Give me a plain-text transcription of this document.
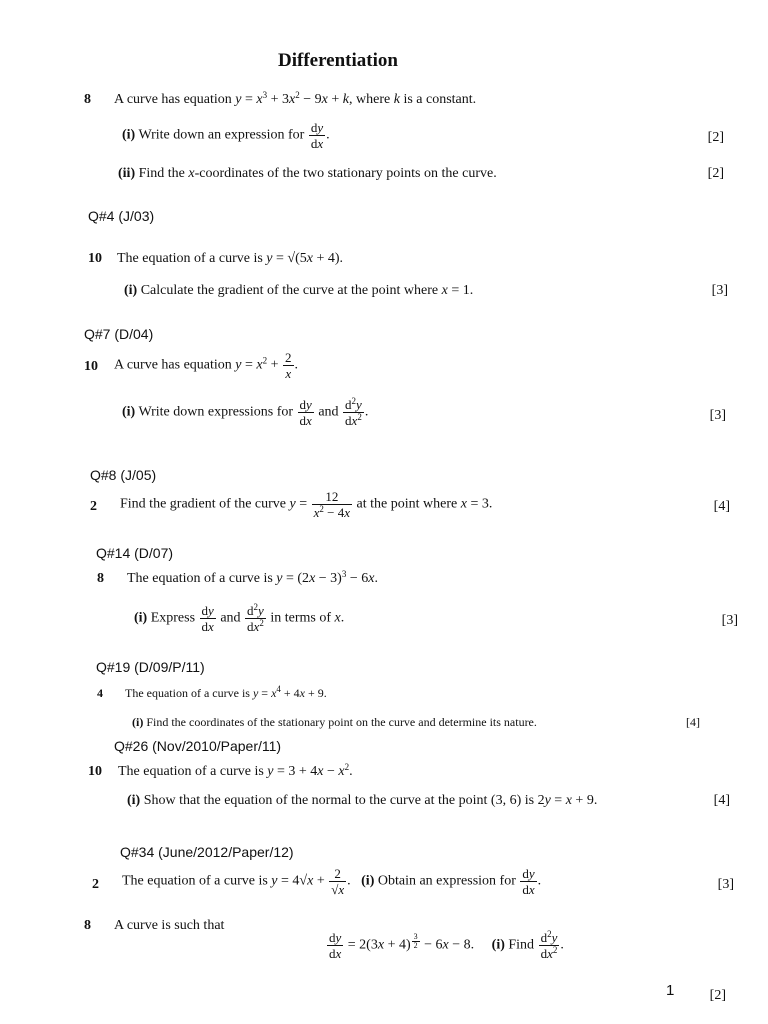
Differentiation
8 A curve has equation $y = x^3 + 3x^2 - 9x + k$, where k is a constant.
(i) Write down an expression for $\frac{dy}{dx}$ .	[2]
(ii) Find the x-coordinates of the two stationary points on the curve.	[2]
Q#4 (J/03)
10 The equation of a curve is y = √(5x + 4).
(i) Calculate the gradient of the curve at the point where x = 1.	[3]
Q#7 (D/04)
10 A curve has equation $y = x^2 + \frac{2}{x}$ .
(i) Write down expressions for $\frac{dy}{dx}$ and $\frac{d^2y}{dx^2}$ .	[3]
Q#8 (J/05)
2 Find the gradient of the curve $y = \frac{12}{x^2 - 4x}$ at the point where x = 3.	[4]
Q#14 (D/07)
8 The equation of a curve is $y = (2x - 3)^3 - 6x$.
(i) Express $\frac{dy}{dx}$ and $\frac{d^2y}{dx^2}$ in terms of x.	[3]
Q#19 (D/09/P/11)
4 The equation of a curve is $y = x^4 + 4x + 9$.
(i) Find the coordinates of the stationary point on the curve and determine its nature.	[4]
Q#26 (Nov/2010/Paper/11)
10 The equation of a curve is $y = 3 + 4x - x^2$.
(i) Show that the equation of the normal to the curve at the point (3, 6) is 2y = x + 9.	[4]
Q#34 (June/2012/Paper/12)
2 The equation of a curve is $y = 4√x + \frac{2}{√x}$ .   (i) Obtain an expression for $\frac{dy}{dx}$ .	[3]
8 A curve is such that
$\frac{dy}{dx} = 2(3x + 4) ^{\frac{3}{2}} - 6x - 8$.     (i) Find $\frac{d^2y}{dx^2}$ .
[2]
1
